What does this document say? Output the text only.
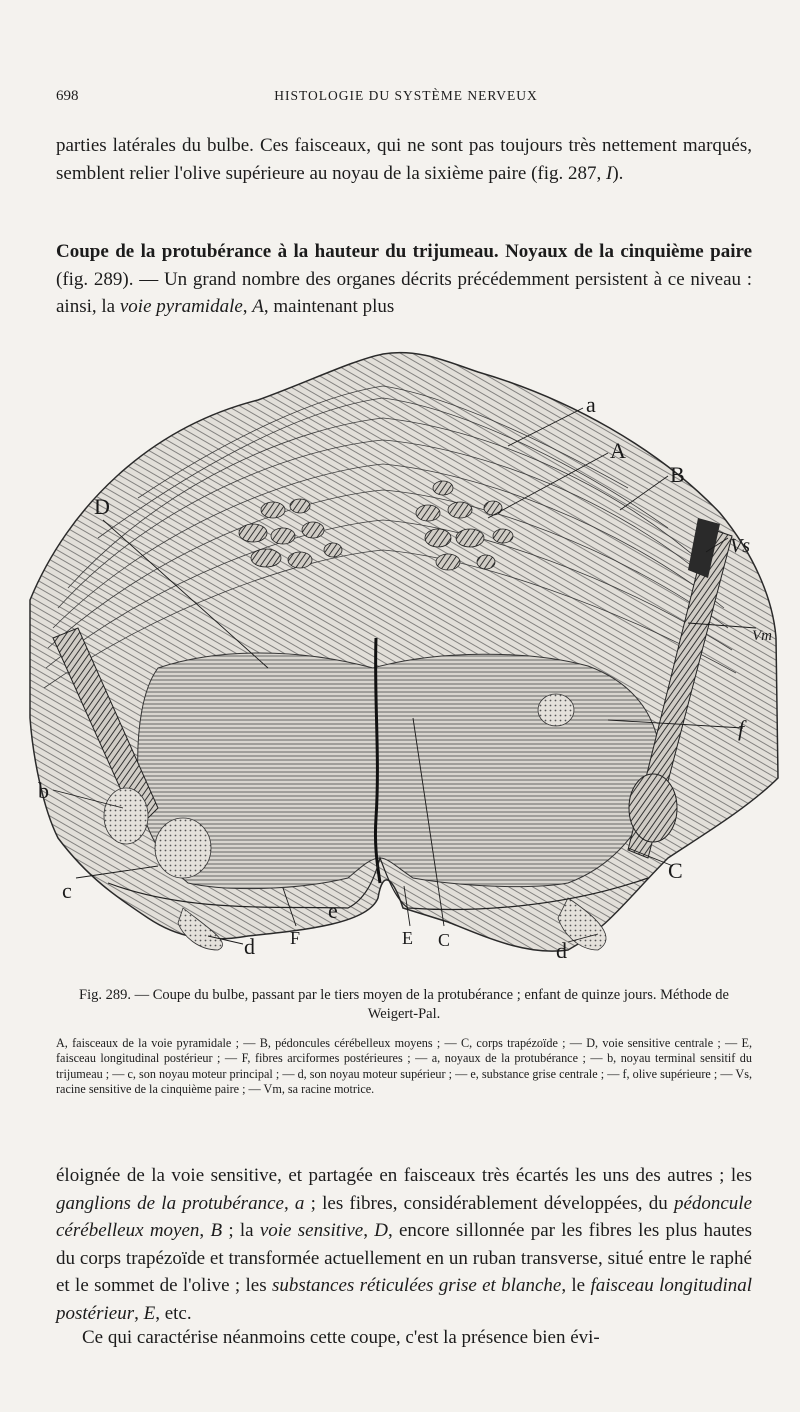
698	HISTOLOGIE DU SYSTÈME NERVEUX

parties latérales du bulbe. Ces faisceaux, qui ne sont pas toujours très nettement marqués, semblent relier l'olive supérieure au noyau de la sixième paire (fig. 287, I).

Coupe de la protubérance à la hauteur du trijumeau. Noyaux de la cinquième paire (fig. 289). — Un grand nombre des organes décrits précédemment persistent à ce niveau : ainsi, la voie pyramidale, A, maintenant plus

a
A
B
D
Vs
Vm
f
b
C
c
e
d F	E C	d
Fig. 289. — Coupe du bulbe, passant par le tiers moyen de la protubérance ; enfant de quinze jours. Méthode de Weigert-Pal.

A, faisceaux de la voie pyramidale ; — B, pédoncules cérébelleux moyens ; — C, corps trapézoïde ; — D, voie sensitive centrale ; — E, faisceau longitudinal postérieur ; — F, fibres arciformes postérieures ; — a, noyaux de la protubérance ; — b, noyau terminal sensitif du trijumeau ; — c, son noyau moteur principal ; — d, son noyau moteur supérieur ; — e, substance grise centrale ; — f, olive supérieure ; — Vs, racine sensitive de la cinquième paire ; — Vm, sa racine motrice.

éloignée de la voie sensitive, et partagée en faisceaux très écartés les uns des autres ; les ganglions de la protubérance, a ; les fibres, considérablement développées, du pédoncule cérébelleux moyen, B ; la voie sensitive, D, encore sillonnée par les fibres les plus hautes du corps trapézoïde et transformée actuellement en un ruban transverse, situé entre le raphé et le sommet de l'olive ; les substances réticulées grise et blanche, le faisceau longitudinal postérieur, E, etc.

Ce qui caractérise néanmoins cette coupe, c'est la présence bien évi-
